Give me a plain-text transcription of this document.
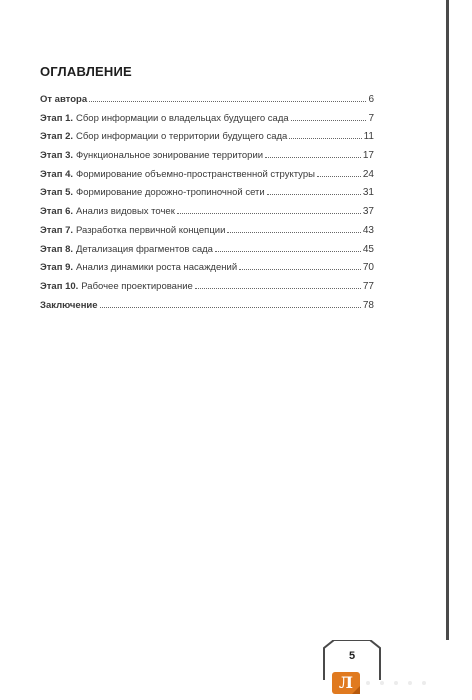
ОГЛАВЛЕНИЕ
От автора	6
Этап 1. Сбор информации о владельцах будущего сада	7
Этап 2. Сбор информации о территории будущего сада	11
Этап 3. Функциональное зонирование территории	17
Этап 4. Формирование объемно-пространственной структуры	24
Этап 5. Формирование дорожно-тропиночной сети	31
Этап 6. Анализ видовых точек	37
Этап 7. Разработка первичной концепции	43
Этап 8. Детализация фрагментов сада	45
Этап 9. Анализ динамики роста насаждений	70
Этап 10. Рабочее проектирование	77
Заключение	78
5
Л
